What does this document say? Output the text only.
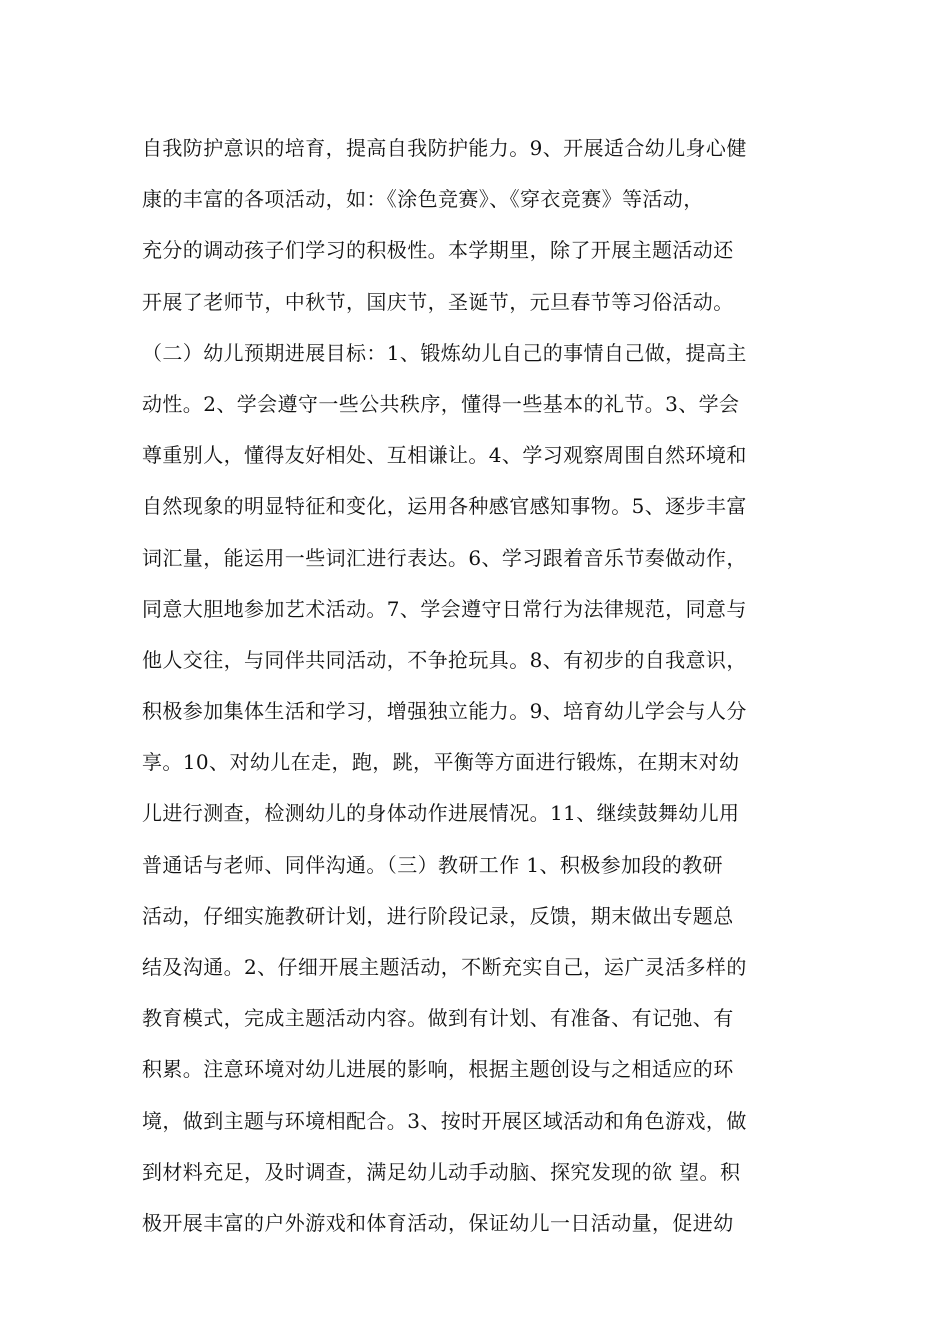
自我防护意识的培育，提高自我防护能力。9、开展适合幼儿身心健
康的丰富的各项活动，如：《涂色竞赛》、《穿衣竞赛》等活动，
充分的调动孩子们学习的积极性。本学期里，除了开展主题活动还
开展了老师节，中秋节，国庆节，圣诞节，元旦春节等习俗活动。
（二）幼儿预期进展目标：1、锻炼幼儿自己的事情自己做，提高主
动性。2、学会遵守一些公共秩序，懂得一些基本的礼节。3、学会
尊重别人，懂得友好相处、互相谦让。4、学习观察周围自然环境和
自然现象的明显特征和变化，运用各种感官感知事物。5、逐步丰富
词汇量，能运用一些词汇进行表达。6、学习跟着音乐节奏做动作，
同意大胆地参加艺术活动。7、学会遵守日常行为法律规范，同意与
他人交往，与同伴共同活动，不争抢玩具。8、有初步的自我意识，
积极参加集体生活和学习，增强独立能力。9、培育幼儿学会与人分
享。10、对幼儿在走，跑，跳，平衡等方面进行锻炼，在期末对幼
儿进行测查，检测幼儿的身体动作进展情况。11、继续鼓舞幼儿用
普通话与老师、同伴沟通。（三）教研工作 1、积极参加段的教研
活动，仔细实施教研计划，进行阶段记录，反馈，期末做出专题总
结及沟通。2、仔细开展主题活动，不断充实自己，运广灵活多样的
教育模式，完成主题活动内容。做到有计划、有准备、有记弛、有
积累。注意环境对幼儿进展的影响，根据主题创设与之相适应的环
境，做到主题与环境相配合。3、按时开展区域活动和角色游戏，做
到材料充足，及时调查，满足幼儿动手动脑、探究发现的欲 望。积
极开展丰富的户外游戏和体育活动，保证幼儿一日活动量，促进幼
